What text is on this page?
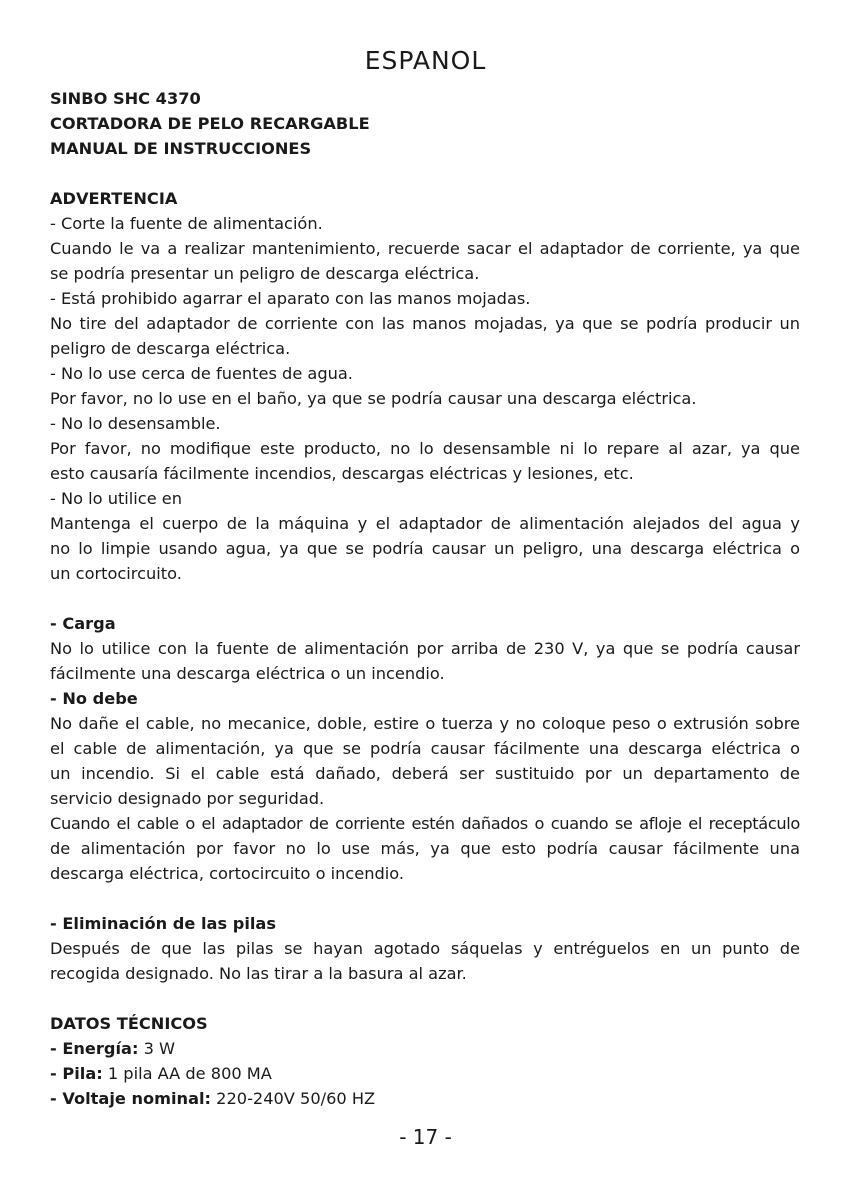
ESPANOL
SINBO SHC 4370
CORTADORA DE PELO RECARGABLE
MANUAL DE INSTRUCCIONES
ADVERTENCIA
- Corte la fuente de alimentación.
Cuando le va a realizar mantenimiento, recuerde sacar el adaptador de corriente, ya que
se podría presentar un peligro de descarga eléctrica.
- Está prohibido agarrar el aparato con las manos mojadas.
No tire del adaptador de corriente con las manos mojadas, ya que se podría producir un
peligro de descarga eléctrica.
- No lo use cerca de fuentes de agua.
Por favor, no lo use en el baño, ya que se podría causar una descarga eléctrica.
- No lo desensamble.
Por favor, no modifique este producto, no lo desensamble ni lo repare al azar, ya que
esto causaría fácilmente incendios, descargas eléctricas y lesiones, etc.
- No lo utilice en
Mantenga el cuerpo de la máquina y el adaptador de alimentación alejados del agua y
no lo limpie usando agua, ya que se podría causar un peligro, una descarga eléctrica o
un cortocircuito.
- Carga
No lo utilice con la fuente de alimentación por arriba de 230 V, ya que se podría causar
fácilmente una descarga eléctrica o un incendio.
- No debe
No dañe el cable, no mecanice, doble, estire o tuerza y no coloque peso o extrusión sobre
el cable de alimentación, ya que se podría causar fácilmente una descarga eléctrica o
un incendio. Si el cable está dañado, deberá ser sustituido por un departamento de
servicio designado por seguridad.
Cuando el cable o el adaptador de corriente estén dañados o cuando se afloje el receptáculo
de alimentación por favor no lo use más, ya que esto podría causar fácilmente una
descarga eléctrica, cortocircuito o incendio.
- Eliminación de las pilas
Después de que las pilas se hayan agotado sáquelas y entréguelos en un punto de
recogida designado. No las tirar a la basura al azar.
DATOS TÉCNICOS
- Energía: 3 W
- Pila: 1 pila AA de 800 MA
- Voltaje nominal: 220-240V 50/60 HZ
- 17 -
